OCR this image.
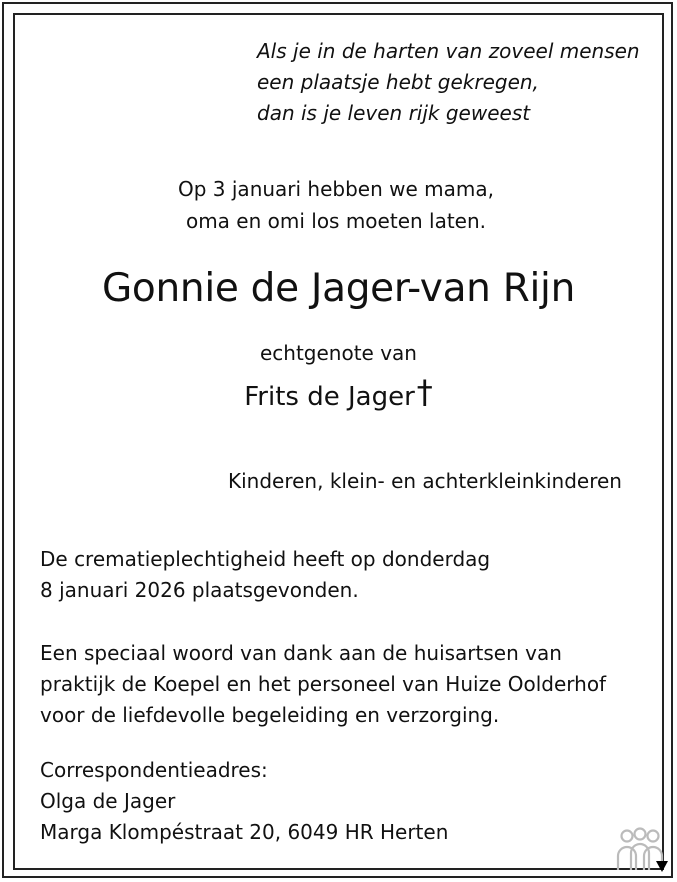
Als je in de harten van zoveel mensen
een plaatsje hebt gekregen,
dan is je leven rijk geweest
Op 3 januari hebben we mama,
oma en omi los moeten laten.
Gonnie de Jager-van Rijn
echtgenote van
Frits de Jager†
Kinderen, klein- en achterkleinkinderen
De crematieplechtigheid heeft op donderdag
8 januari 2026 plaatsgevonden.
Een speciaal woord van dank aan de huisartsen van
praktijk de Koepel en het personeel van Huize Oolderhof
voor de liefdevolle begeleiding en verzorging.
Correspondentieadres:
Olga de Jager
Marga Klompéstraat 20, 6049 HR Herten
